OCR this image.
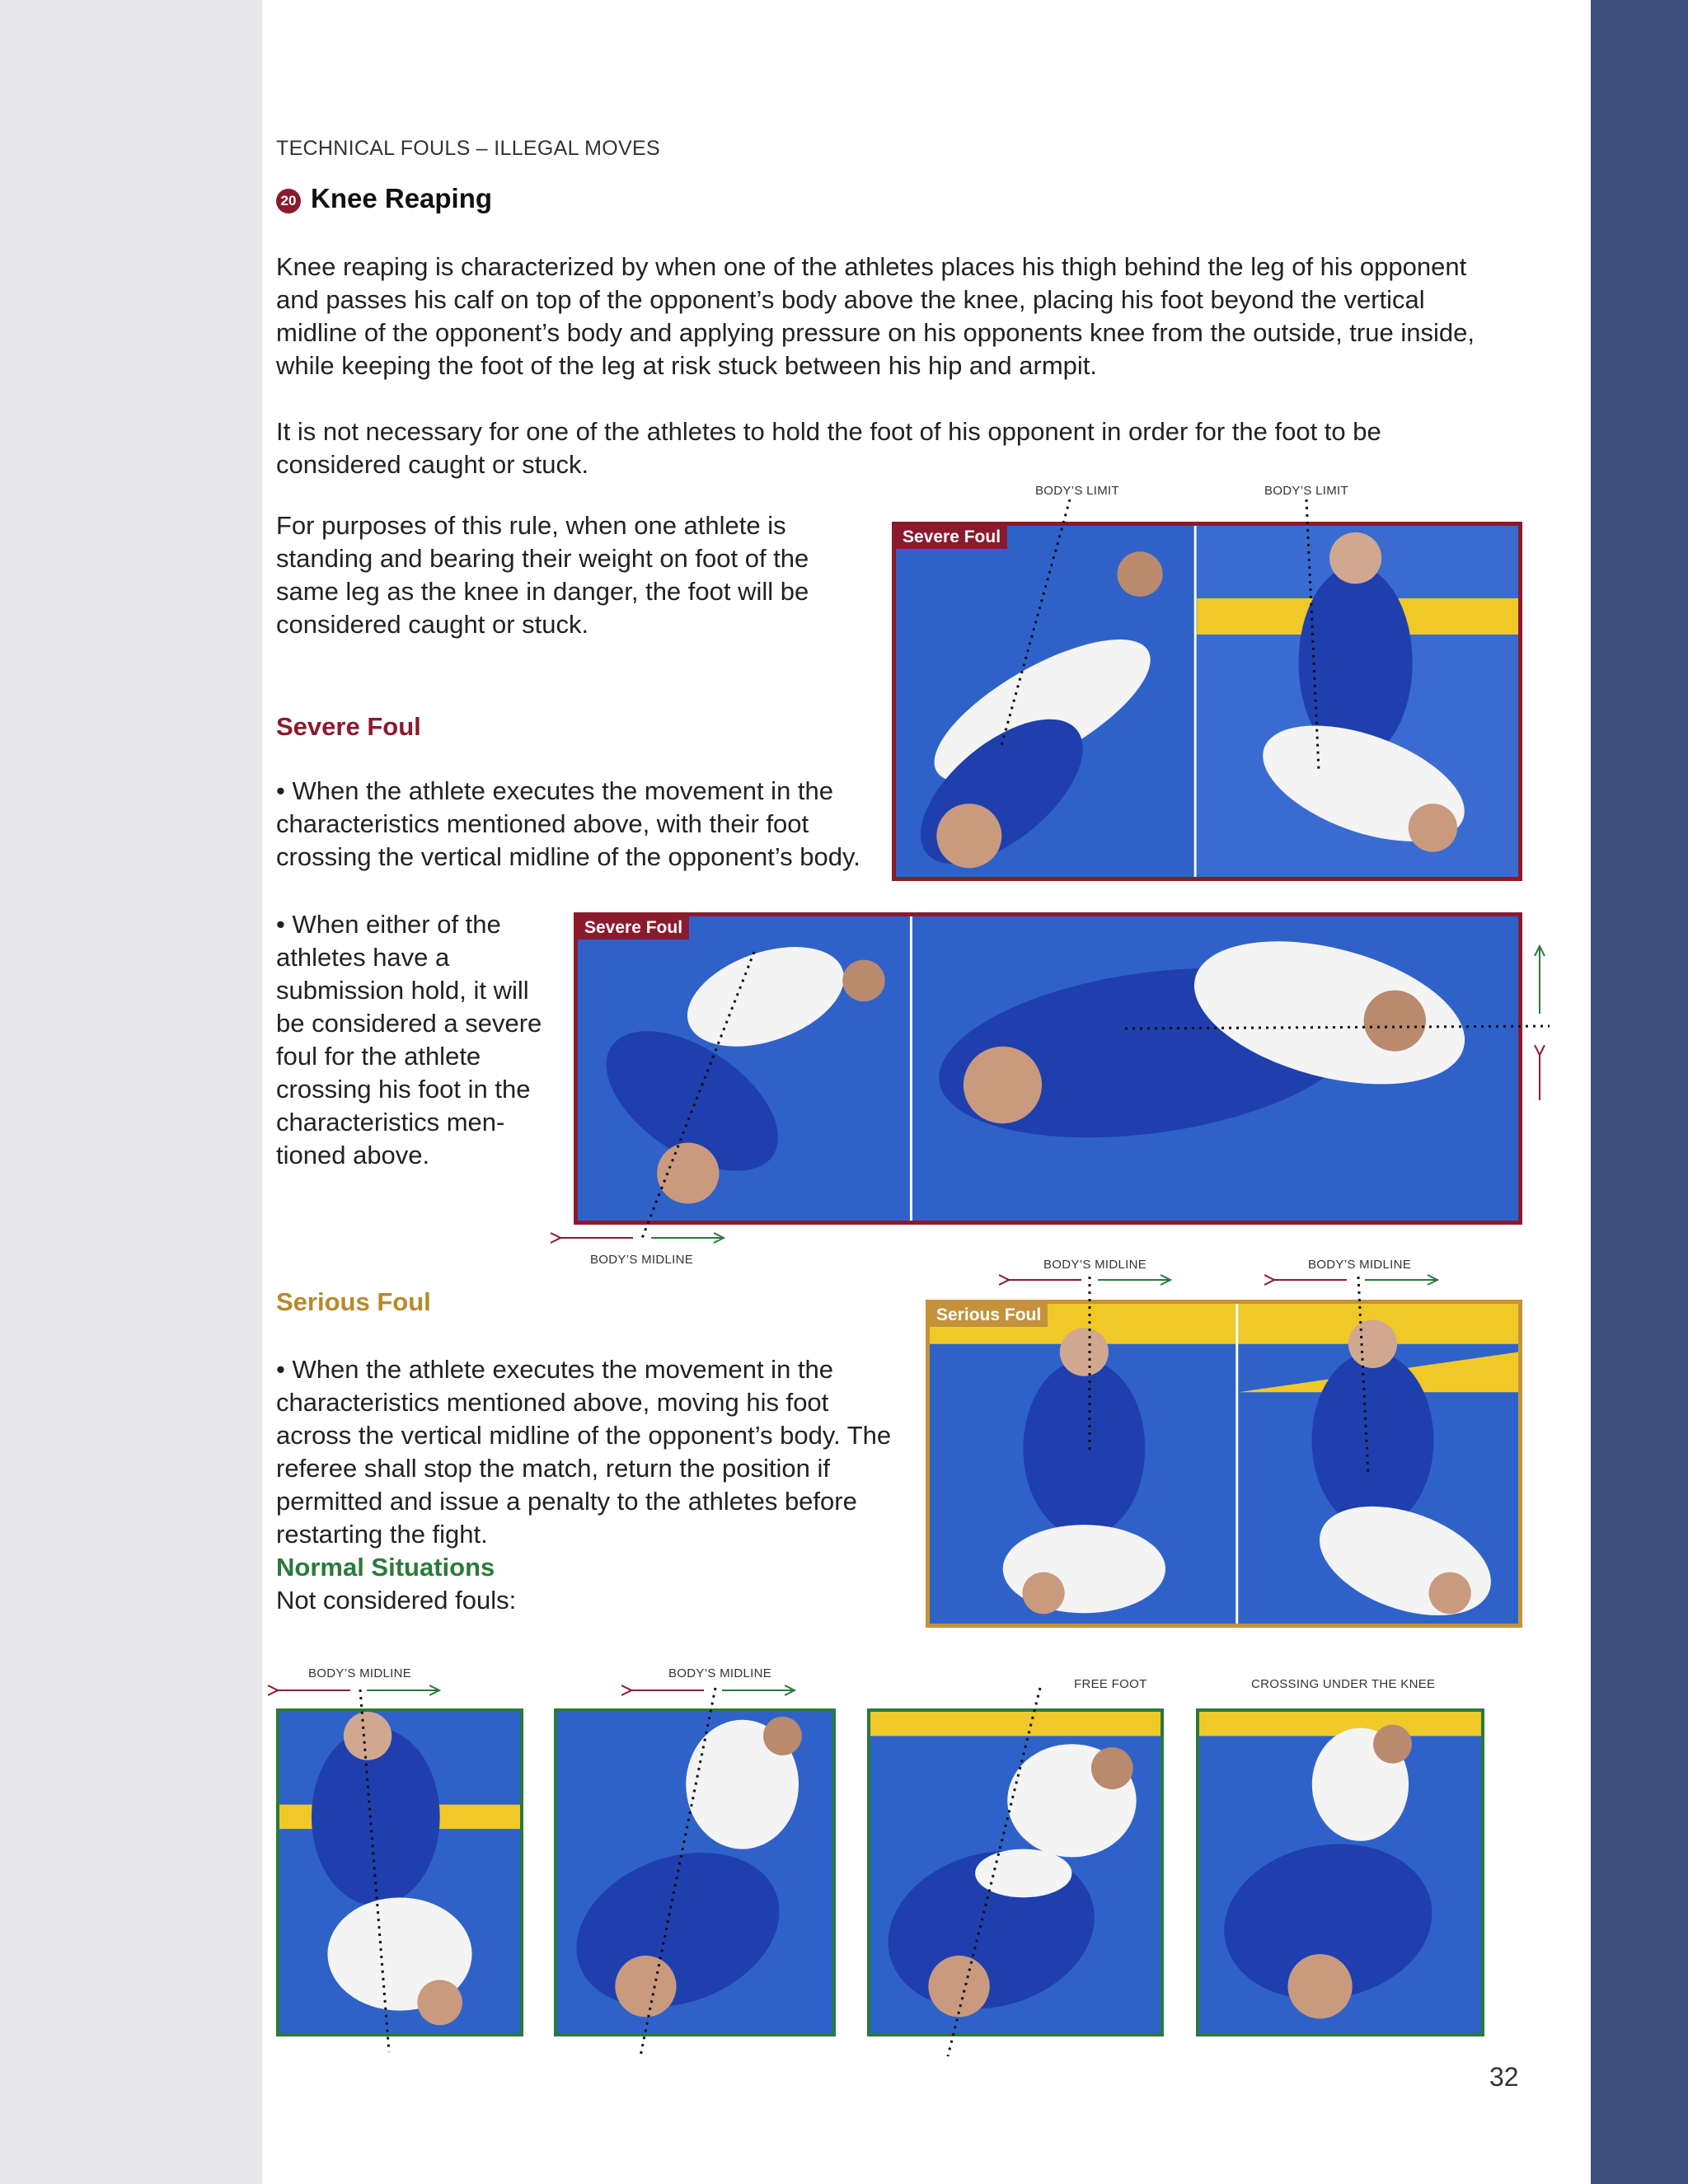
TECHNICAL FOULS – ILLEGAL MOVES
20 Knee Reaping
Knee reaping is characterized by when one of the athletes places his thigh behind the leg of his opponent and passes his calf on top of the opponent’s body above the knee, placing his foot beyond the vertical midline of the opponent’s body and applying pressure on his opponents knee from the outside, true inside, while keeping the foot of the leg at risk stuck between his hip and armpit.
It is not necessary for one of the athletes to hold the foot of his opponent in order for the foot to be considered caught or stuck.
For purposes of this rule, when one athlete is standing and bearing their weight on foot of the same leg as the knee in danger, the foot will be considered caught or stuck.
Severe Foul
• When the athlete executes the movement in the characteristics mentioned above, with their foot crossing the vertical midline of the opponent’s body.
• When either of the athletes have a submission hold, it will be considered a severe foul for the athlete crossing his foot in the characteristics men-tioned above.
Serious Foul
• When the athlete executes the movement in the characteristics mentioned above, moving his foot across the vertical midline of the opponent’s body. The referee shall stop the match, return the position if permitted and issue a penalty to the athletes before restarting the fight.
Normal Situations
Not considered fouls:
Severe Foul
Severe Foul
Serious Foul
BODY’S LIMIT	BODY’S LIMIT
BODY’S MIDLINE	BODY’S MIDLINE	BODY’S MIDLINE
BODY’S MIDLINE	BODY’S MIDLINE
FREE FOOT	CROSSING UNDER THE KNEE
32
